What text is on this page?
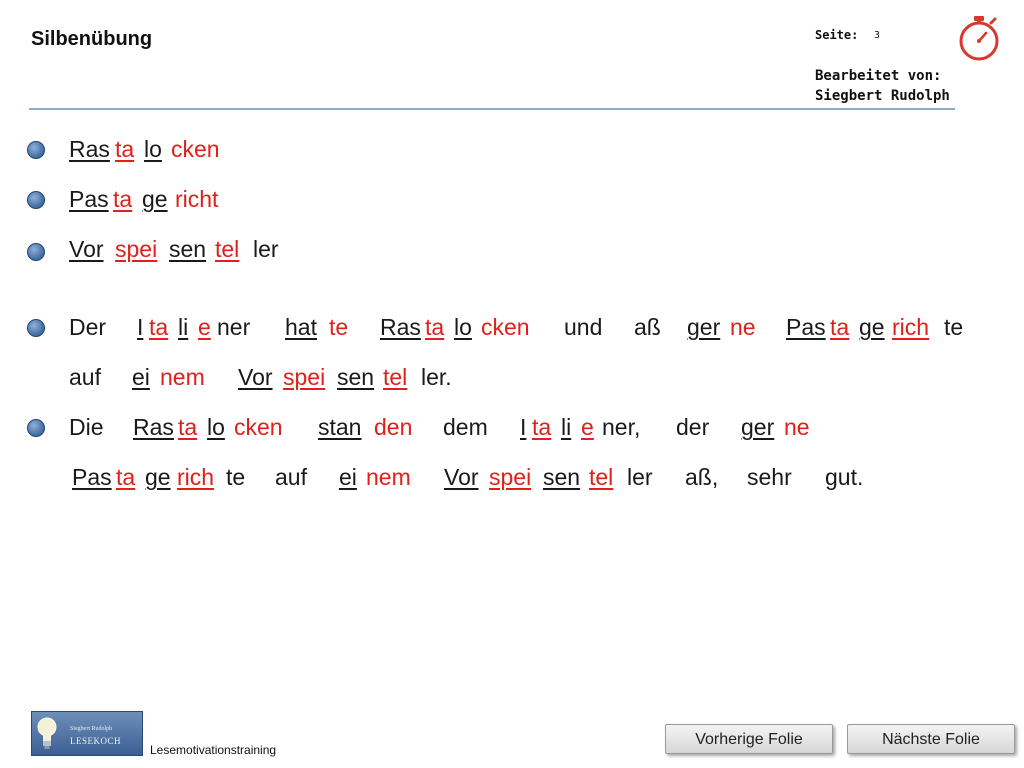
Silbenübung	Seite: 3
Bearbeitet von:
Siegbert Rudolph
Ras ta lo cken
Pas ta ge richt
Vor spei sen tel ler
Der I ta li e ner hat te Ras ta lo cken und aß ger ne Pas ta ge rich te
auf ei nem Vor spei sen tel ler.
Die Ras ta lo cken stan den dem I ta li e ner, der ger ne
Pas ta ge rich te auf ei nem Vor spei sen tel ler aß, sehr gut.
Siegbert Rudolph
LESEKOCH
Lesemotivationstraining
Vorherige Folie	Nächste Folie
